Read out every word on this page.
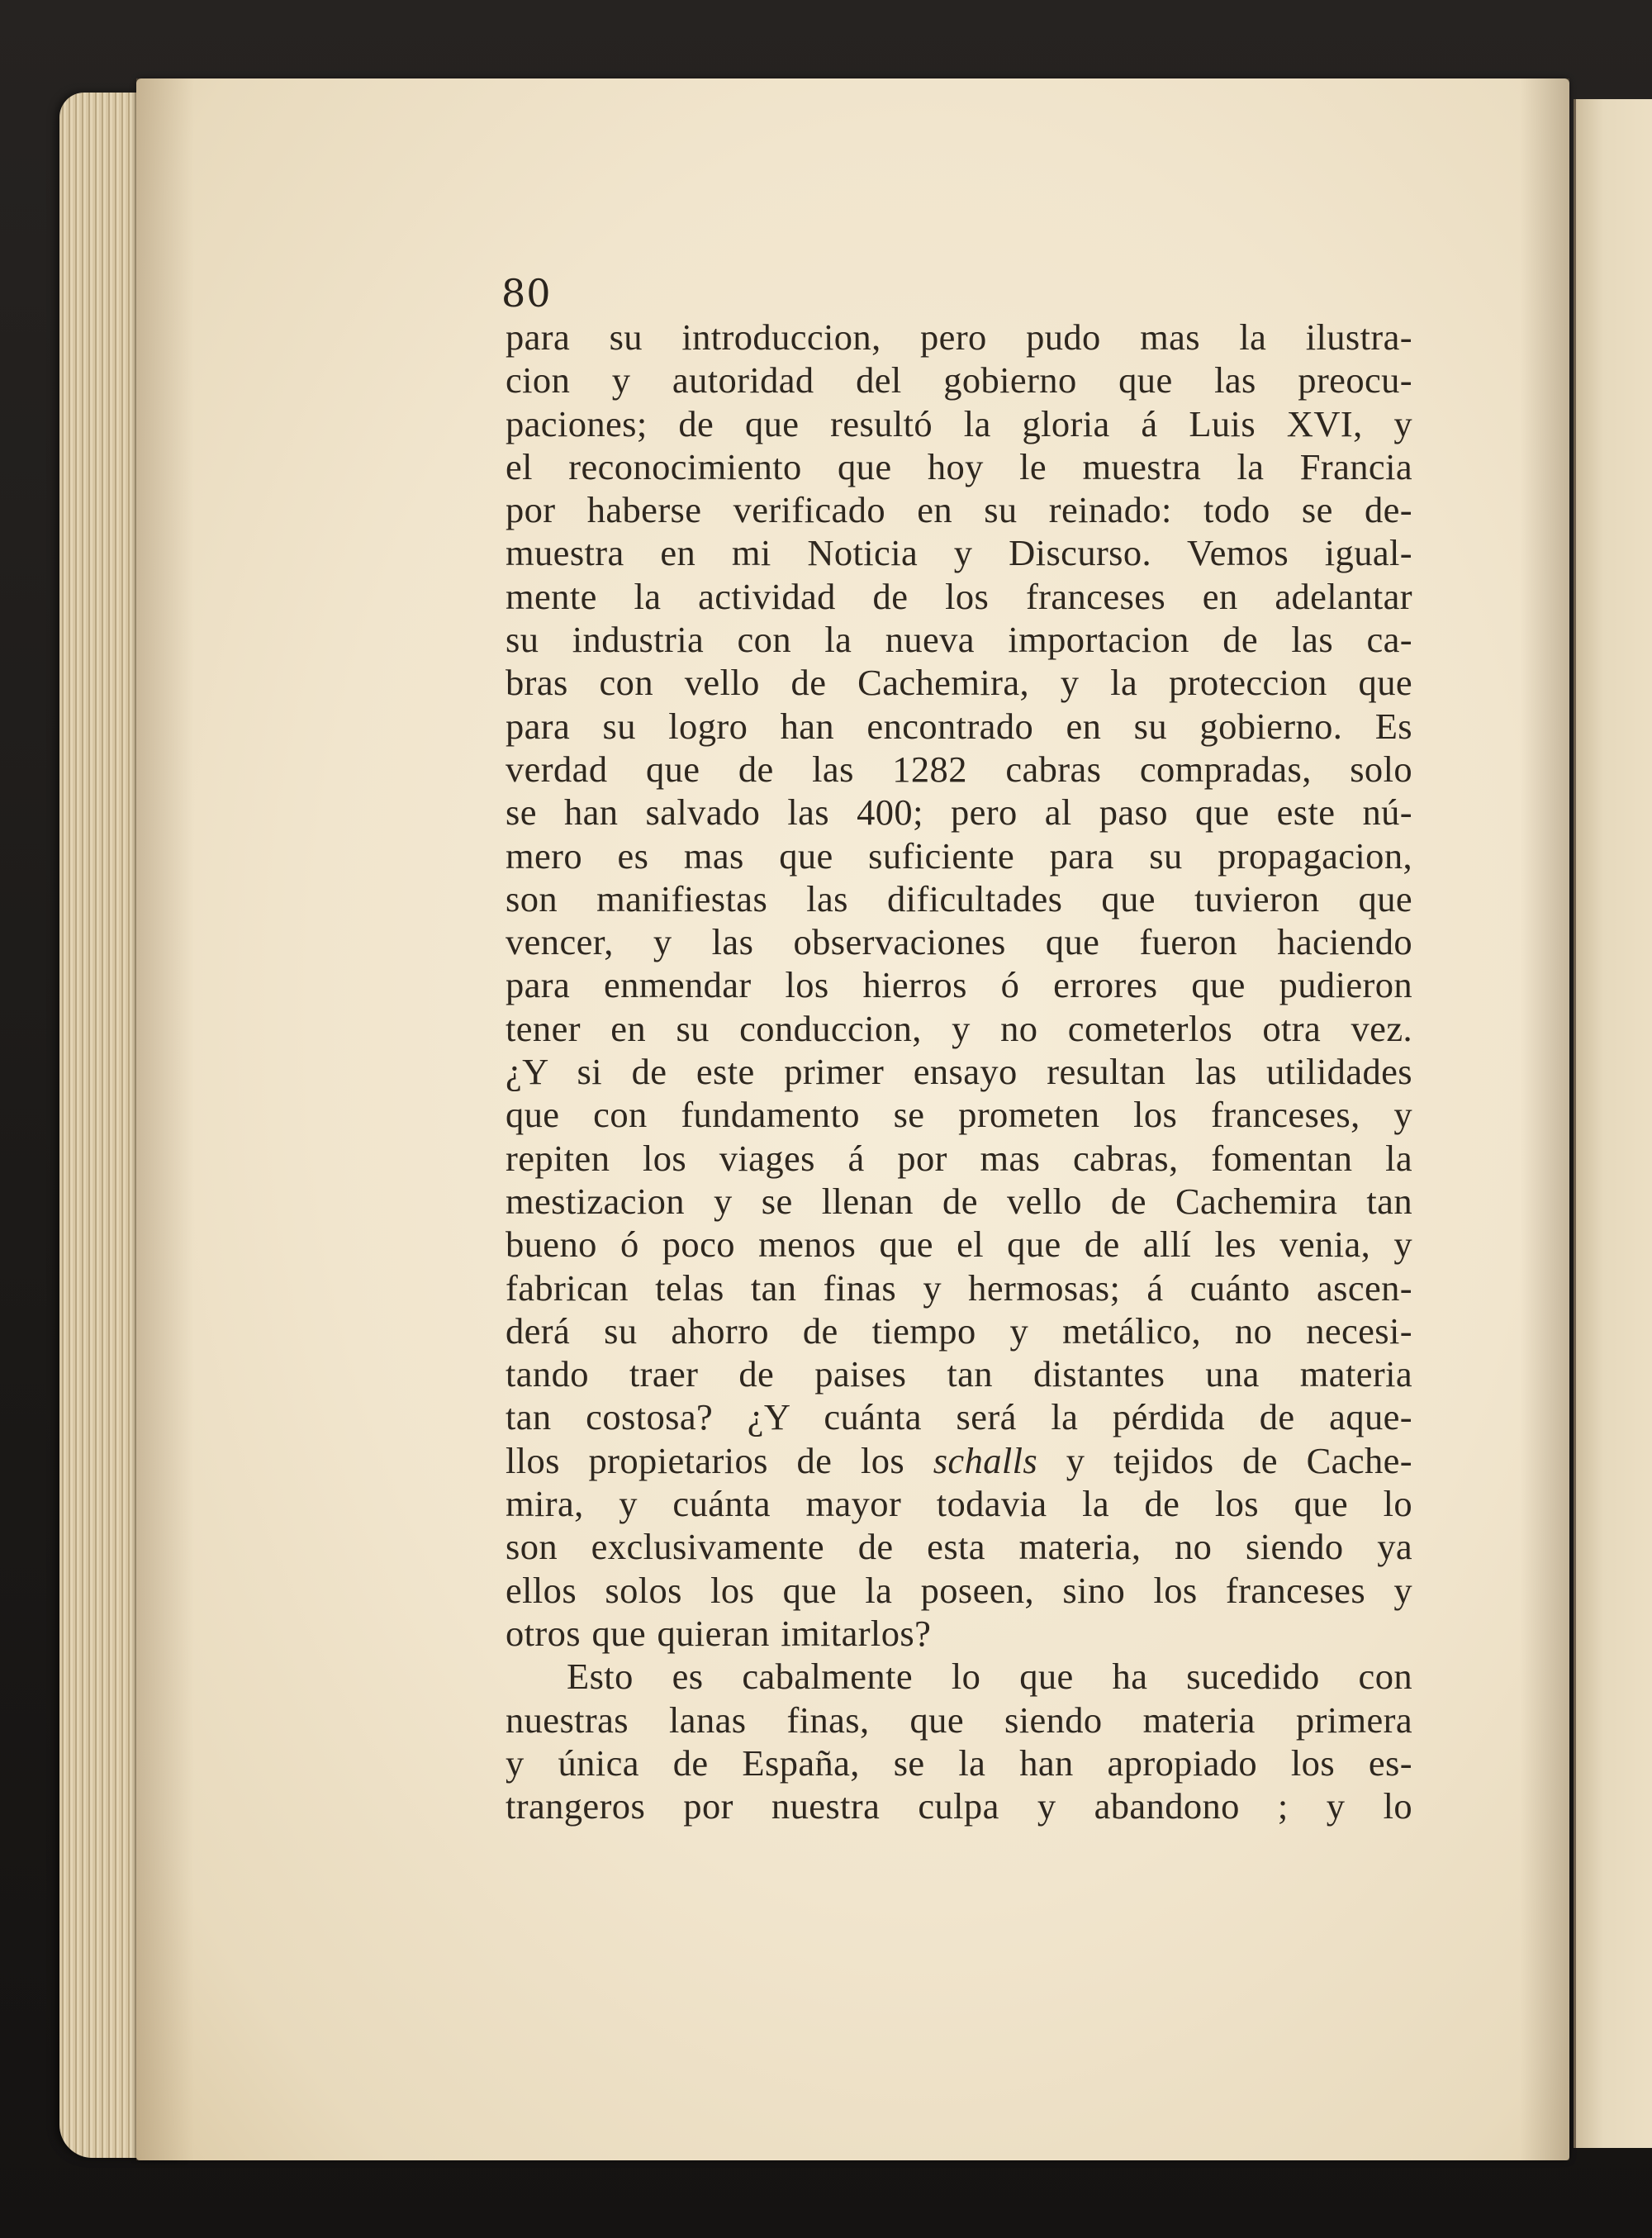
80
para su introduccion, pero pudo mas la ilustra-
cion y autoridad del gobierno que las preocu-
paciones; de que resultó la gloria á Luis XVI, y
el reconocimiento que hoy le muestra la Francia
por haberse verificado en su reinado: todo se de-
muestra en mi Noticia y Discurso. Vemos igual-
mente la actividad de los franceses en adelantar
su industria con la nueva importacion de las ca-
bras con vello de Cachemira, y la proteccion que
para su logro han encontrado en su gobierno. Es
verdad que de las 1282 cabras compradas, solo
se han salvado las 400; pero al paso que este nú-
mero es mas que suficiente para su propagacion,
son manifiestas las dificultades que tuvieron que
vencer, y las observaciones que fueron haciendo
para enmendar los hierros ó errores que pudieron
tener en su conduccion, y no cometerlos otra vez.
¿Y si de este primer ensayo resultan las utilidades
que con fundamento se prometen los franceses, y
repiten los viages á por mas cabras, fomentan la
mestizacion y se llenan de vello de Cachemira tan
bueno ó poco menos que el que de allí les venia, y
fabrican telas tan finas y hermosas; á cuánto ascen-
derá su ahorro de tiempo y metálico, no necesi-
tando traer de paises tan distantes una materia
tan costosa? ¿Y cuánta será la pérdida de aque-
llos propietarios de los schalls y tejidos de Cache-
mira, y cuánta mayor todavia la de los que lo
son exclusivamente de esta materia, no siendo ya
ellos solos los que la poseen, sino los franceses y
otros que quieran imitarlos?
Esto es cabalmente lo que ha sucedido con
nuestras lanas finas, que siendo materia primera
y única de España, se la han apropiado los es-
trangeros por nuestra culpa y abandono ; y lo
